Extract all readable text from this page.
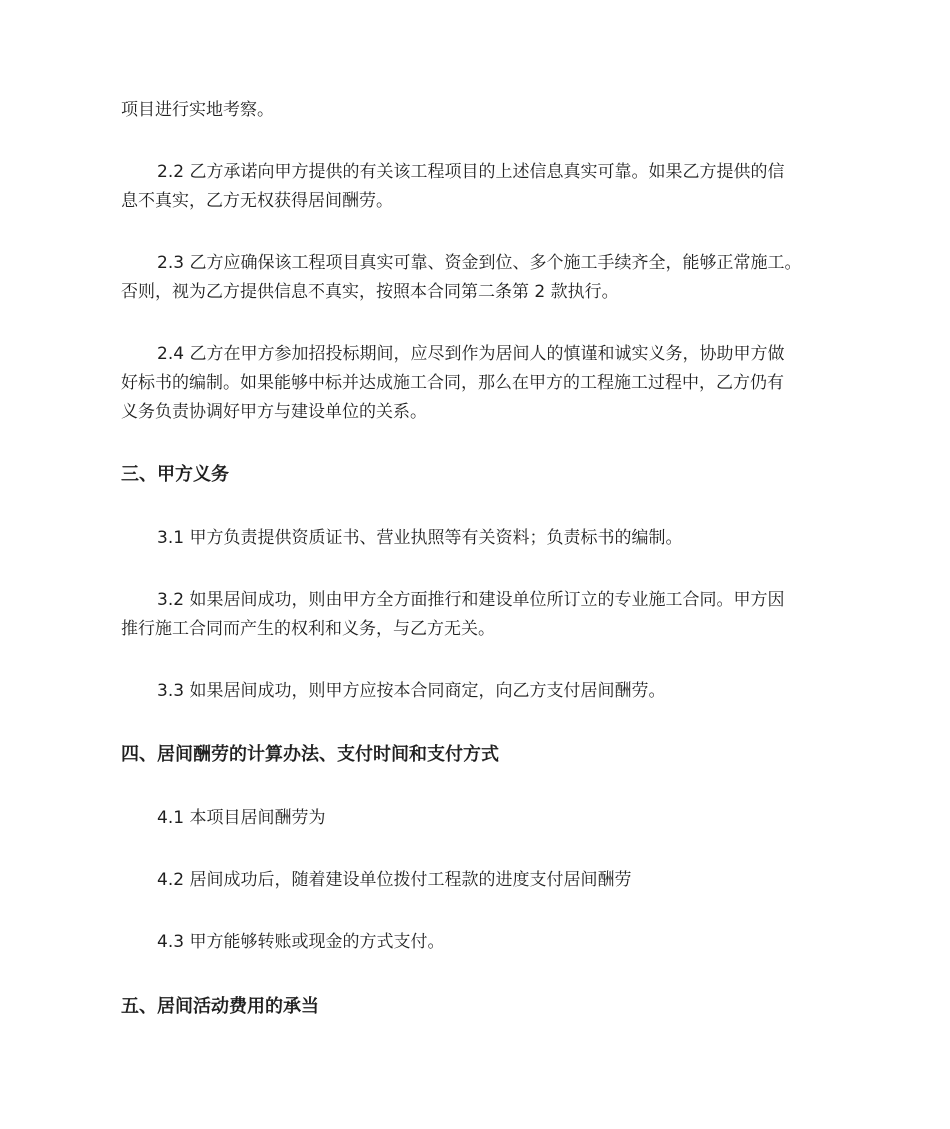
项目进行实地考察。
2.2 乙方承诺向甲方提供的有关该工程项目的上述信息真实可靠。如果乙方提供的信
息不真实，乙方无权获得居间酬劳。
2.3 乙方应确保该工程项目真实可靠、资金到位、多个施工手续齐全，能够正常施工。
否则，视为乙方提供信息不真实，按照本合同第二条第 2 款执行。
2.4 乙方在甲方参加招投标期间，应尽到作为居间人的慎谨和诚实义务，协助甲方做
好标书的编制。如果能够中标并达成施工合同，那么在甲方的工程施工过程中，乙方仍有
义务负责协调好甲方与建设单位的关系。
三、甲方义务
3.1 甲方负责提供资质证书、营业执照等有关资料；负责标书的编制。
3.2 如果居间成功，则由甲方全方面推行和建设单位所订立的专业施工合同。甲方因
推行施工合同而产生的权利和义务，与乙方无关。
3.3 如果居间成功，则甲方应按本合同商定，向乙方支付居间酬劳。
四、居间酬劳的计算办法、支付时间和支付方式
4.1 本项目居间酬劳为
4.2 居间成功后，随着建设单位拨付工程款的进度支付居间酬劳
4.3 甲方能够转账或现金的方式支付。
五、居间活动费用的承当
